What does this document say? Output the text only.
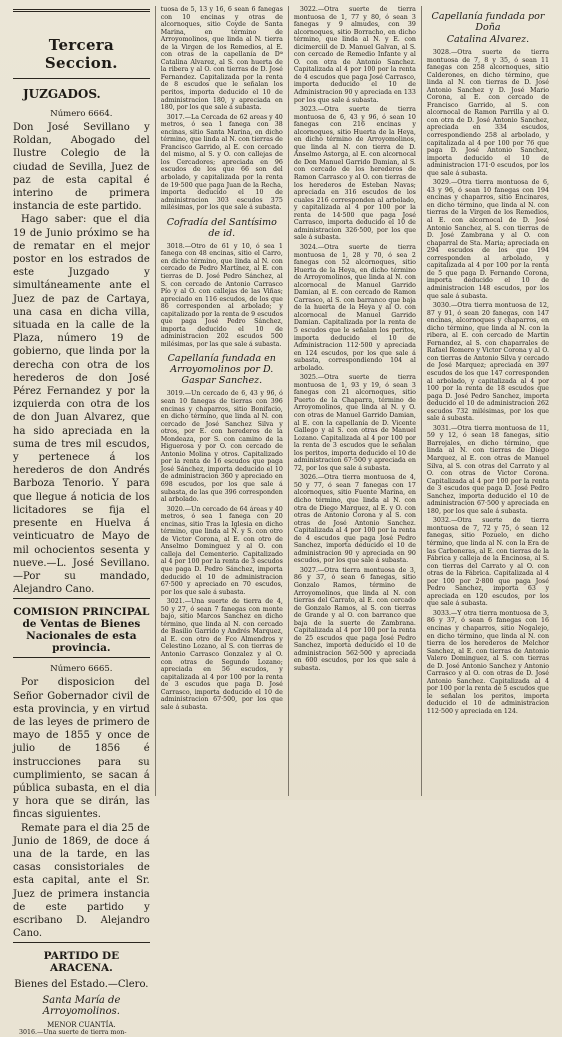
Tercera Seccion.
JUZGADOS.
Número 6664.

Don José Sevillano y Roldan, Abogado del Ilustre Colegio de la ciudad de Sevilla, Juez de paz de esta capital é interino de primera instancia de este partido.

Hago saber: que el dia 19 de Junio próximo se ha de rematar en el mejor postor en los estrados de este Juzgado y simultáneamente ante el Juez de paz de Cartaya, una casa en dicha villa, situada en la calle de la Plaza, número 19 de gobierno, que linda por la derecha con otra de los herederos de don José Pérez Fernandez y por la izquierda con otra de los de don Juan Alvarez, que ha sido apreciada en la suma de tres mil escudos, y pertenece á los herederos de don Andrés Barboza Tenorio. Y para que llegue á noticia de los licitadores se fija el presente en Huelva á veinticuatro de Mayo de mil ochocientos sesenta y nueve.—L. José Sevillano.—Por su mandado, Alejandro Cano.

COMISION PRINCIPAL de Ventas de Bienes Nacionales de esta provincia.
Número 6665.

Por disposicion del Señor Gobernador civil de esta provincia, y en virtud de las leyes de primero de mayo de 1855 y once de julio de 1856 é instrucciones para su cumplimiento, se sacan á pública subasta, en el dia y hora que se dirán, las fincas siguientes.

Remate para el dia 25 de Junio de 1869, de doce á una de la tarde, en las casas consistoriales de esta capital, ante el Sr. Juez de primera instancia de este partido y escribano D. Alejandro Cano.

PARTIDO DE ARACENA.
Bienes del Estado.—Clero.
Santa María de Arroyomolinos.
MENOR CUANTÍA.

3016.—Una suerte de tierra mon-

tuosa de 5, 13 y 16, 6 sean 6 fanegas con 10 encinas y otras de alcornoques, sitio Coyde de Santa Marina, en término de Arroyomolinos, que linda al N. tierra de la Virgen de los Remedios, al E. con otras de la capellanía de Dª Catalina Alvarez, al S. con huerta de la ribera y al O. con tierras de D. José Fernandez. Capitalizada por la renta de 8 escudos que le señalan los peritos, importa deducido el 10 de administracion 180, y apreciada en 180, por los que sale á subasta.

3017.—La Cercada de 62 areas y 40 metros, ó sea 1 fanega con 38 encinas, sitio Santa Marina, en dicho término, que linda al N. con tierras de Francisco Garrido, al E. con cercado del mismo, al S. y O. con callejas de los Cercadores; apreciada en 96 escudos de los que 66 son del arbolado, y capitalizada por la renta de 19·500 que paga Juan de la Recha, importa deducido el 10 de administracion 303 escudos 375 milésimas, por los que sale á subasta.

Cofradía del Santísimo de id.

3018.—Otro de 61 y 10, ó sea 1 fanega con 48 encinas, sitio el Carro, en dicho término, que linda al N. con cercado de Pedro Martínez, al E. con tierras de D. José Pedro Sánchez, al S. con cercado de Antonio Carrasco Pío y al O. con callejas de las Viñas; apreciado en 116 escudos, de los que 86 corresponden al arbolado; y capitalizado por la renta de 9 escudos que paga José Pedro Sánchez, importa deducido el 10 de administracion 202 escudos 500 milésimas, por las que sale á subasta.

Capellanía fundada en Arroyomolinos por D. Gaspar Sanchez.

3019.—Un cercado de 6, 43 y 96, ó sean 10 fanegas de tierras con 396 encinas y chaparros, sitio Bonifacio, en dicho término, que linda al N. con cercado de José Sanchez Silva y otros, por E. con herederos de la Mondeaza, por S. con camino de la Higuerosa y por O. con cercado de Antonio Molina y otros. Capitalizado por la renta de 16 escudos que paga José Sánchez, importa deducido el 10 de administracion 360 y apreciado en 698 escudos, por los que sale á subasta, de las que 396 corresponden al arbolado.

3020.—Un cercado de 64 áreas y 40 metros, ó sea 1 fanega con 20 encinas, sitio Tras la Iglesia en dicho término, que linda al N. y S. con otro de Victor Corona, al E. con otro de Anselmo Dominguez y al O. con calleja del Cementerio. Capitalizado al 4 por 100 por la renta de 3 escudos que paga D. Pedro Sánchez, importa deducido el 10 de administracion 67·500 y apreciado en 70 escudos, por los que sale á subasta.

3021.—Una suerte de tierra de 4, 50 y 27, ó sean 7 fanegas con monte bajo, sitio Marcos Sanchez en dicho término, que linda al N. con cercado de Basilio Garrido y Andrés Marquez, al E. con otro de Fco Almendros y Celestino Lozano, al S. con tierras de Antonio Carrasco Gonzalez y al O. con otras de Segundo Lozano; apreciada en 56 escudos, y capitalizada al 4 por 100 por la renta de 3 escudos que paga D. José Carrasco, importa deducido el 10 de administracion 67·500, por los que sale á subasta.

3022.—Otra suerte de tierra montuosa de 1, 77 y 80, ó sean 3 fanegas y 9 almudes, con 39 alcornoques, sitio Borracho, en dicho término, que linda al N. y E. con dicimerciil de D. Manuel Galvan, al S. con cercado de Remedio Infante y al O. con otra de Antonio Sanchez. Capitalizada al 4 por 100 por la renta de 4 escudos que paga José Carrasco, importa deducido el 10 de Administracion 90 y apreciada en 133 por los que sale á subasta.

3023.—Otra suerte de tierra montuosa de 6, 43 y 96, ó sean 10 fanegas con 216 encinas y alcornoques, sitio Huerta de la Heya, en dicho término de Arroyomolinos, que linda al N. con tierra de D. Anselmo Astorga, al E. con alcornocal de Don Manuel Garrido Damian, al S. con cercado de los herederos de Ramon Carrasco y al O. con tierras de los herederos de Esteban Navas; apreciada en 316 escudos de los cuales 216 corresponden al arbolado, y capitalizada al 4 por 100 por la renta de 14·500 que paga José Carrasco, importa deducido el 10 de administracion 326·500, por los que sale á subasta.

3024.—Otra suerte de tierra montuosa de 1, 28 y 70, ó sea 2 fanegas con 52 alcornoques, sitio Huerta de la Heya, en dicho término de Arroyomolinos, que linda al N. con alcornocal de Manuel Garrido Damian, al E. con cercado de Ramon Carrasco, al S. con barranco que baja de la huerta de la Heya y al O. con alcornocal de Manuel Garrido Damian. Capitalizada por la renta de 5 escudos que le señalan los peritos, importa deducido el 10 de Administracion 112·500 y apreciada en 124 escudos, por los que sale á subasta, correspondiendo 104 al arbolado.

3025.—Otra suerte de tierra montuosa de 1, 93 y 19, ó sean 3 fanegas con 21 alcornoques, sitio Puerto de la Chaparra, término de Arroyomolinos, que linda al N. y O. con otras de Manuel Garrido Damian, al E. con la capellanía de D. Vicente Gallego y al S. con otras de Manuel Lozano. Capitalizada al 4 por 100 por la renta de 3 escudos que le señalan los peritos, importa deducido el 10 de administracion 67·500 y apreciada en 72, por los que sale á subasta.

3026.—Otra tierra montuosa de 4, 50 y 77, ó sean 7 fanegas con 17 alcornoques, sitio Fuente Marina, en dicho término, que linda al N. con otra de Diego Marquez, al E. y O. con otras de Antonio Corona y al S. con otras de José Antonio Sanchez. Capitalizada al 4 por 100 por la renta de 4 escudos que paga José Pedro Sanchez, importa deducido el 10 de administracion 90 y apreciada en 90 escudos, por los que sale á subasta.

3027.—Otra tierra montuosa de 3, 86 y 37, ó sean 6 fanegas, sitio Gonzalo Ramos, término de Arroyomolinos, que linda al N. con tierras del Carrato, al E. con cercado de Gonzalo Ramos, al S. con tierras de Grande y al O. con barranco que baja de la suerte de Zambrana. Capitalizada al 4 por 100 por la renta de 25 escudos que paga José Pedro Sanchez, importa deducido el 10 de administracion 562·500 y apreciada en 600 escudos, por los que sale á subasta.

Capellanía fundada por Doña
Catalina Alvarez.

3028.—Otra suerte de tierra montuosa de 7, 8 y 35, ó sean 11 fanegas con 258 alcornoques, sitio Calderones, en dicho término, que linda al N. con tierras de D. José Antonio Sanchez y D. José Mario Corona, al E. con cercado de Francisco Garrido, al S. con alcornocal de Ramon Parrilla y al O. con otra de D. José Antonio Sanchez, apreciada en 334 escudos, correspondiendo 258 al arbolado, y capitalizada al 4 por 100 por 76 que paga D. José Antonio Sanchez, importa deducido el 10 de administracion 171·0 escudos, por los que sale á subasta.

3029.—Otra tierra montuosa de 6, 43 y 96, ó sean 10 fanegas con 194 encinas y chaparros, sitio Encinares, en dicho término, que linda al N. con tierras de la Virgen de los Remedios, al E. con alcornocal de D. José Antonio Sanchez, al S. con tierras de D. José Zambrana y al O. con chaparral de Sta. Maria; apreciada en 294 escudos de los que 194 corresponden al arbolado, y capitalizada al 4 por 100 por la renta de 5 que paga D. Fernando Corona, importa deducido el 10 de administracion 148 escudos, por los que sale á subasta.

3030.—Otra tierra montuosa de 12, 87 y 91, ó sean 20 fanegas, con 147 encinas, alcornoques y chaparros, en dicho término, que linda al N. con la ribera, al E. con cercado de Martin Fernandez, al S. con chaparrales de Rafael Romero y Victor Corona y al O. con tierras de Antonio Silva y cercado de José Marquez; apreciada en 397 escudos de los que 147 corresponden al arbolado, y capitalizada al 4 por 100 por la renta de 18 escudos que paga D. José Pedro Sanchez, importa deducido el 10 de administracion 262 escudos 732 milésimas, por los que sale á subasta.

3031.—Otra tierra montuosa de 11, 59 y 12, ó sean 18 fanegas, sitio Barrejales, en dicho término, que linda al N. con tierras de Diego Marquez, al E. con otras de Manuel Silva, al S. con otras del Carrato y al O. con otras de Victor Corona. Capitalizada al 4 por 100 por la renta de 3 escudos que paga D. José Pedro Sanchez, importa deducido el 10 de administracion 67·500 y apreciada en 180, por los que sale á subasta.

3032.—Otra suerte de tierra montuosa de 7, 72 y 75, ó sean 12 fanegas, sitio Pozuelo, en dicho término, que linda al N. con la Era de las Carboneras, al E. con tierras de la Fábrica y calleja de la Encinosa, al S. con tierras del Carrato y al O. con otras de la Fábrica. Capitalizada al 4 por 100 por 2·800 que paga José Pedro Sanchez, importa 63 y apreciada en 120 escudos, por los que sale á subasta.

3033.—Y otra tierra montuosa de 3, 86 y 37, ó sean 6 fanegas con 16 encinas y chaparros, sitio Nogalejo, en dicho término, que linda al N. con tierra de los herederos de Melchor Sanchez, al E. con tierras de Antonio Valero Dominguez, al S. con tierras de D. José Antonio Sanchez y Antonio Carrasco y al O. con otras de D. José Antonio Sanchez. Capitalizada al 4 por 100 por la renta de 5 escudos que le señalan los peritos, importa deducido el 10 de administracion 112·500 y apreciada en 124.
